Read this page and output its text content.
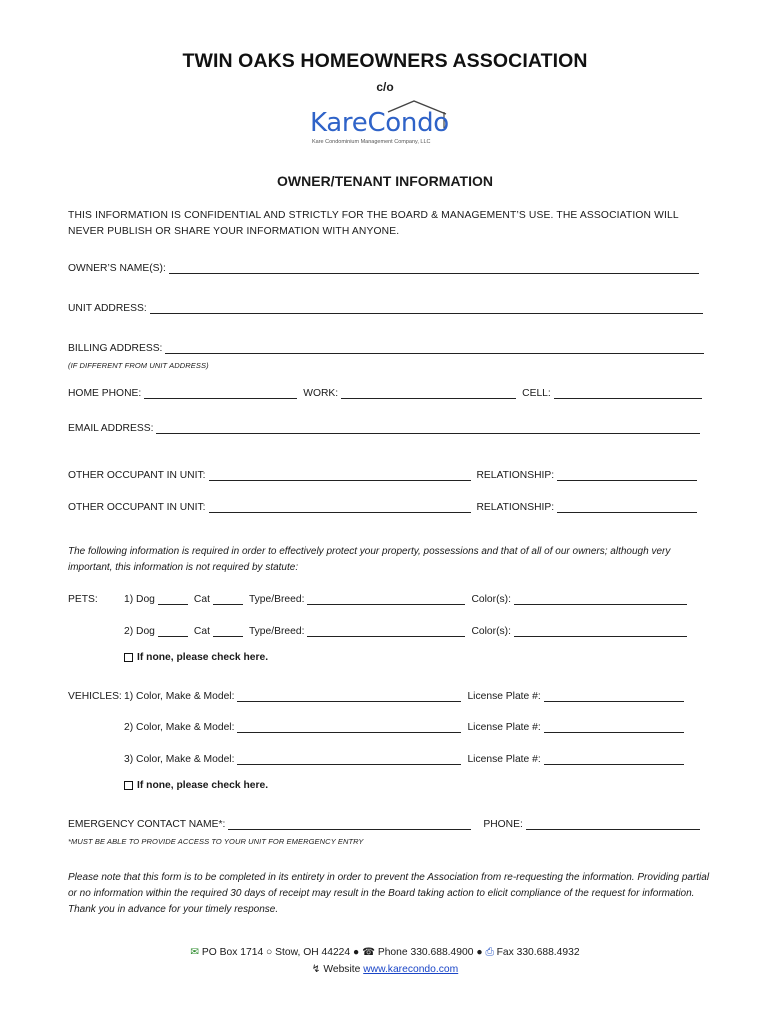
TWIN OAKS HOMEOWNERS ASSOCIATION
c/o
KareCondo
Kare Condominium Management Company, LLC
OWNER/TENANT INFORMATION
THIS INFORMATION IS CONFIDENTIAL AND STRICTLY FOR THE BOARD & MANAGEMENT’S USE. THE ASSOCIATION WILL NEVER PUBLISH OR SHARE YOUR INFORMATION WITH ANYONE.
OWNER’S NAME(S):
UNIT ADDRESS:
BILLING ADDRESS:
(IF DIFFERENT FROM UNIT ADDRESS)
HOME PHONE:	WORK:	CELL:
EMAIL ADDRESS:
OTHER OCCUPANT IN UNIT:	RELATIONSHIP:
OTHER OCCUPANT IN UNIT:	RELATIONSHIP:
The following information is required in order to effectively protect your property, possessions and that of all of our owners; although very important, this information is not required by statute:
PETS:	1) Dog	Cat	Type/Breed:	Color(s):
2) Dog	Cat	Type/Breed:	Color(s):
If none, please check here.
VEHICLES: 1) Color, Make & Model:	License Plate #:
2) Color, Make & Model:	License Plate #:
3) Color, Make & Model:	License Plate #:
If none, please check here.
EMERGENCY CONTACT NAME*:	PHONE:
*MUST BE ABLE TO PROVIDE ACCESS TO YOUR UNIT FOR EMERGENCY ENTRY
Please note that this form is to be completed in its entirety in order to prevent the Association from re-requesting the information. Providing partial or no information within the required 30 days of receipt may result in the Board taking action to elicit compliance of the request for information. Thank you in advance for your timely response.
✉ PO Box 1714 ○ Stow, OH 44224 ● ☎ Phone 330.688.4900 ● ⎙ Fax 330.688.4932
↯ Website www.karecondo.com
